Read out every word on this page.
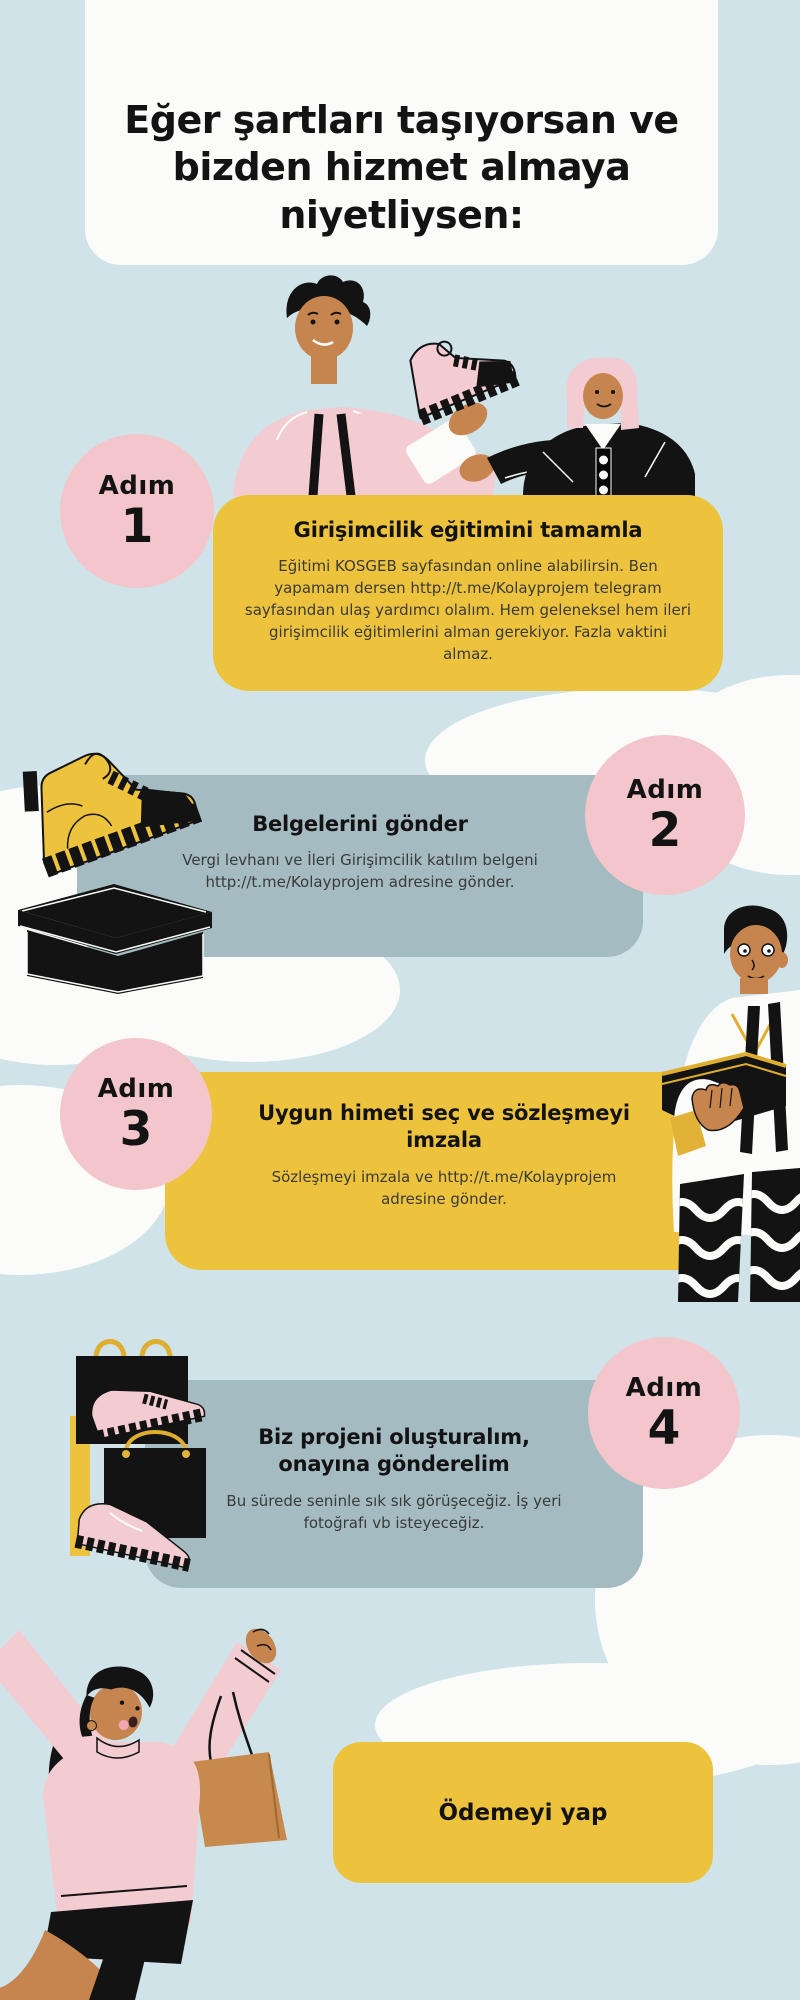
Eğer şartları taşıyorsan ve bizden hizmet almaya niyetliysen:
Girişimcilik eğitimini tamamla

Eğitimi KOSGEB sayfasından online alabilirsin. Ben yapamam dersen http://t.me/Kolayprojem telegram sayfasından ulaş yardımcı olalım. Hem geleneksel hem ileri girişimcilik eğitimlerini alman gerekiyor. Fazla vaktini almaz.

Adım
1
Belgelerini gönder

Vergi levhanı ve İleri Girişimcilik katılım belgeni http://t.me/Kolayprojem adresine gönder.

Adım
2
Uygun himeti seç ve sözleşmeyi imzala

Sözleşmeyi imzala ve http://t.me/Kolayprojem adresine gönder.

Adım
3
Biz projeni oluşturalım, onayına gönderelim

Bu sürede seninle sık sık görüşeceğiz. İş yeri fotoğrafı vb isteyeceğiz.

Adım
4
Ödemeyi yap
